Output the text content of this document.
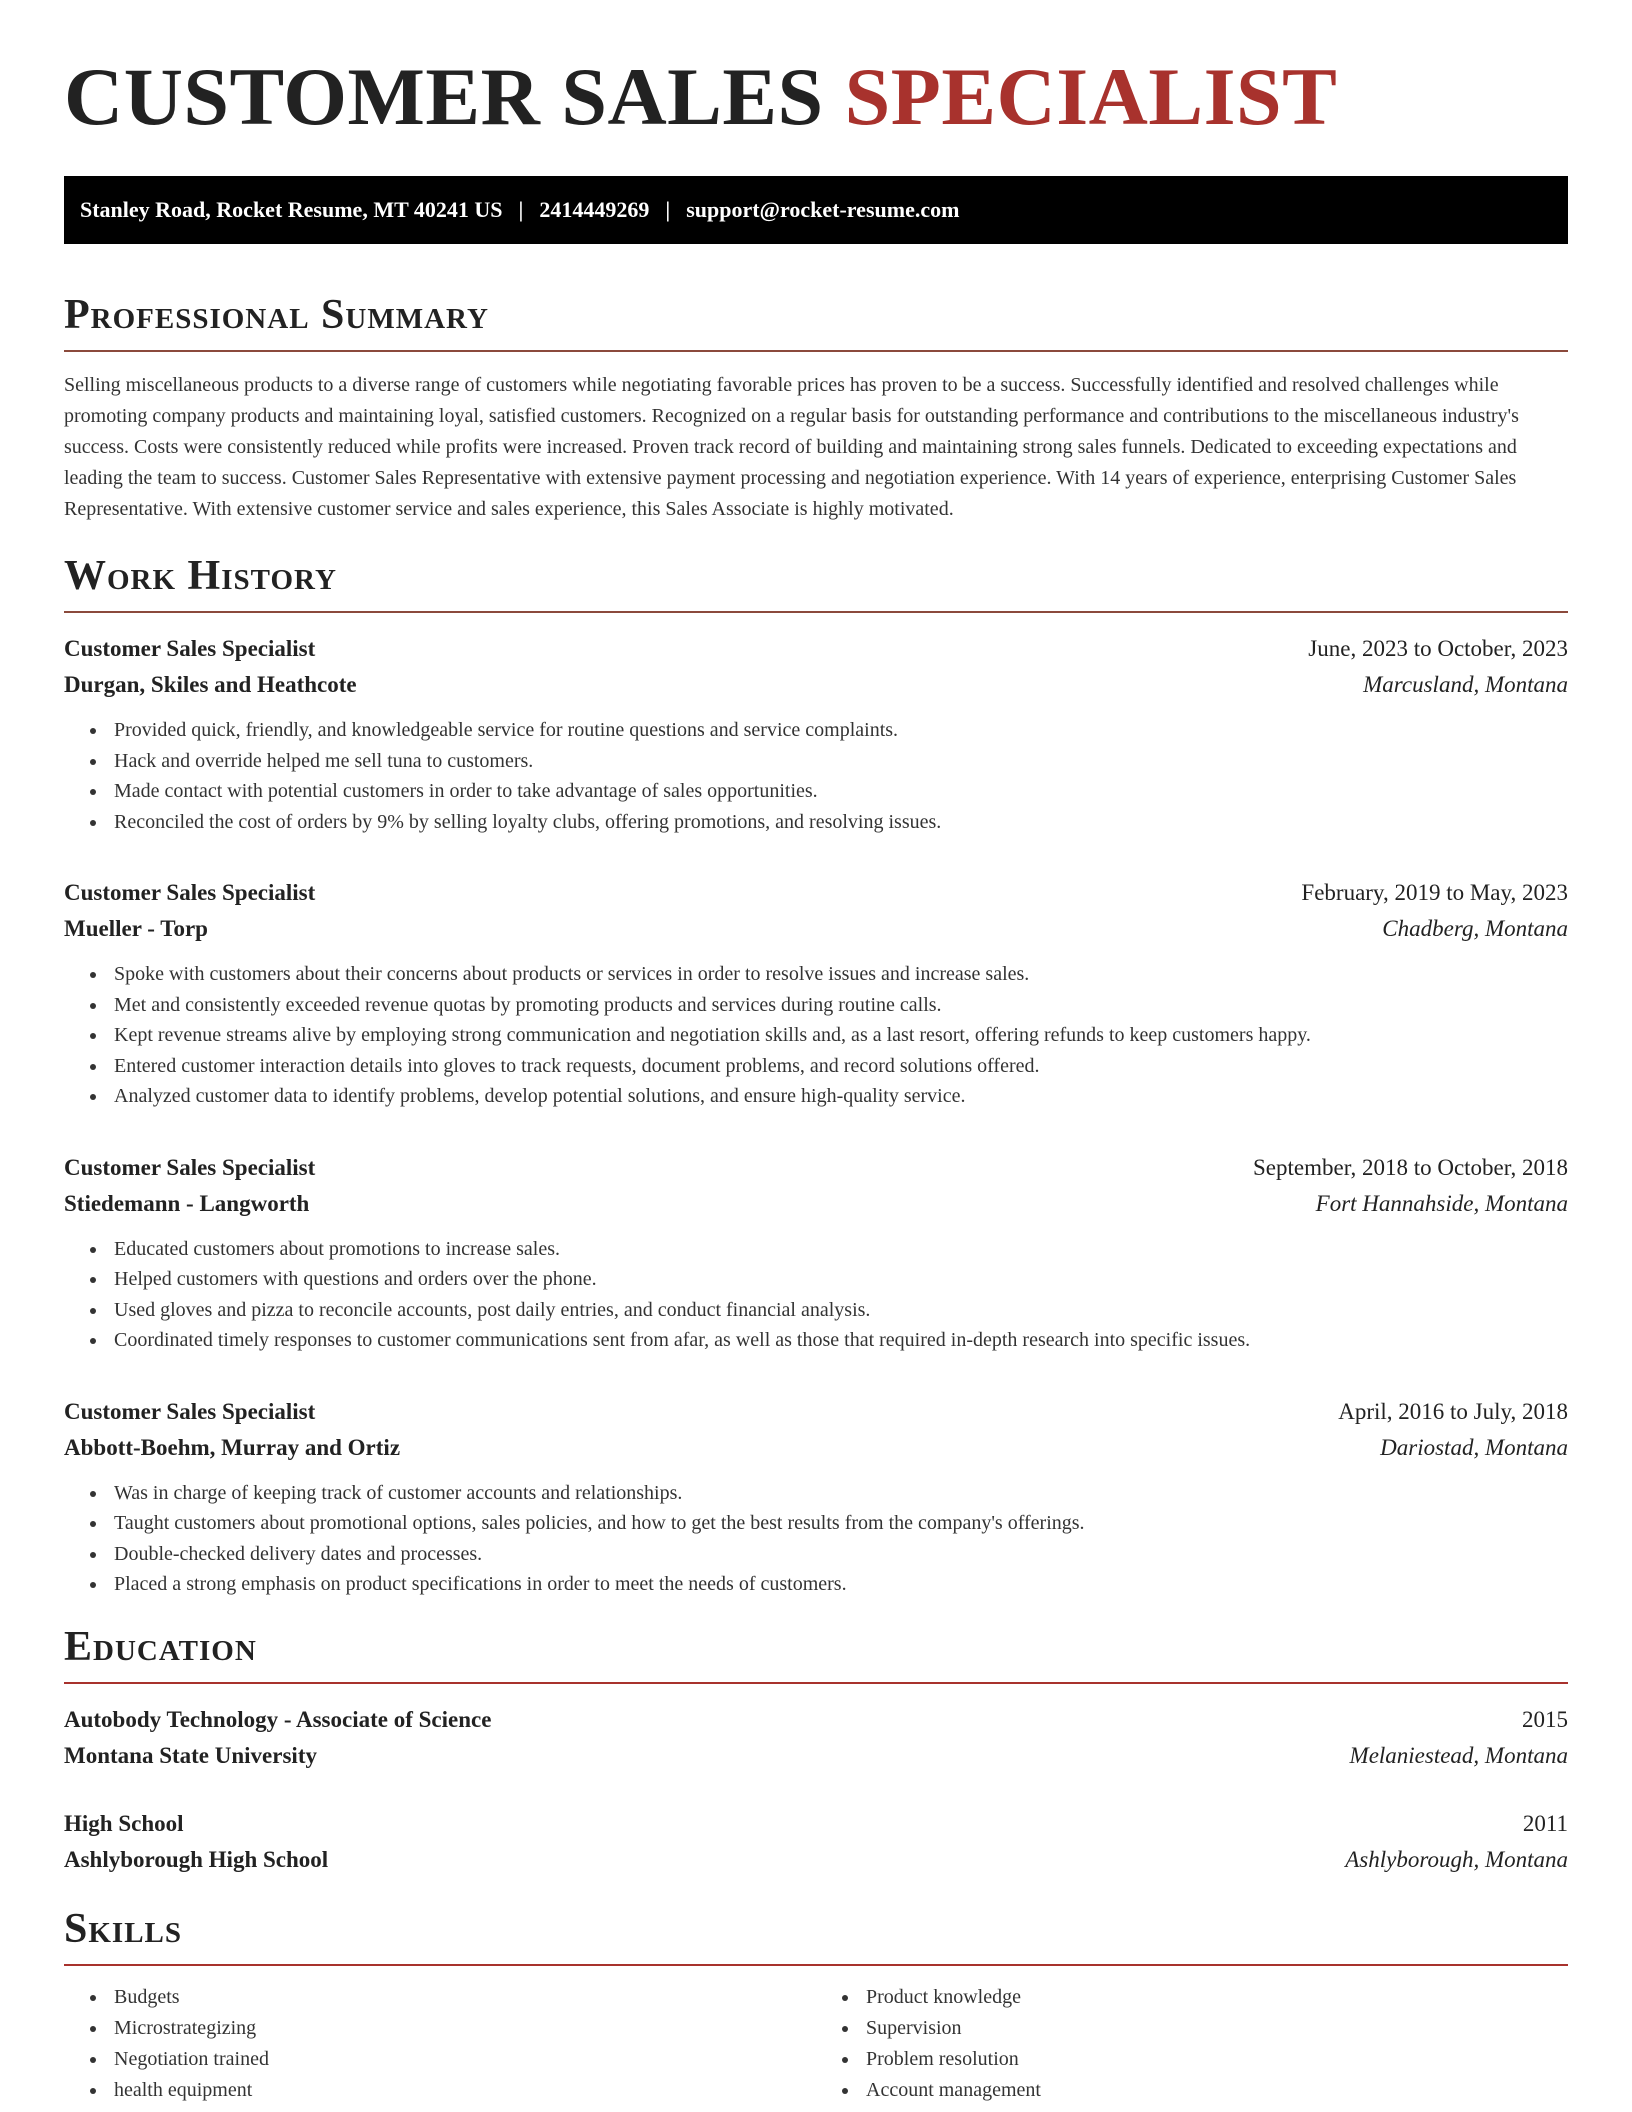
CUSTOMER SALES SPECIALIST
Stanley Road, Rocket Resume, MT 40241 US | 2414449269 | support@rocket-resume.com
Professional Summary

Selling miscellaneous products to a diverse range of customers while negotiating favorable prices has proven to be a success. Successfully identified and resolved challenges while promoting company products and maintaining loyal, satisfied customers. Recognized on a regular basis for outstanding performance and contributions to the miscellaneous industry's success. Costs were consistently reduced while profits were increased. Proven track record of building and maintaining strong sales funnels. Dedicated to exceeding expectations and leading the team to success. Customer Sales Representative with extensive payment processing and negotiation experience. With 14 years of experience, enterprising Customer Sales Representative. With extensive customer service and sales experience, this Sales Associate is highly motivated.

Work History
Customer Sales Specialist	June, 2023 to October, 2023
Durgan, Skiles and Heathcote	Marcusland, Montana
• Provided quick, friendly, and knowledgeable service for routine questions and service complaints.
• Hack and override helped me sell tuna to customers.
• Made contact with potential customers in order to take advantage of sales opportunities.
• Reconciled the cost of orders by 9% by selling loyalty clubs, offering promotions, and resolving issues.
Customer Sales Specialist	February, 2019 to May, 2023
Mueller - Torp	Chadberg, Montana
• Spoke with customers about their concerns about products or services in order to resolve issues and increase sales.
• Met and consistently exceeded revenue quotas by promoting products and services during routine calls.
• Kept revenue streams alive by employing strong communication and negotiation skills and, as a last resort, offering refunds to keep customers happy.
• Entered customer interaction details into gloves to track requests, document problems, and record solutions offered.
• Analyzed customer data to identify problems, develop potential solutions, and ensure high-quality service.
Customer Sales Specialist	September, 2018 to October, 2018
Stiedemann - Langworth	Fort Hannahside, Montana
• Educated customers about promotions to increase sales.
• Helped customers with questions and orders over the phone.
• Used gloves and pizza to reconcile accounts, post daily entries, and conduct financial analysis.
• Coordinated timely responses to customer communications sent from afar, as well as those that required in-depth research into specific issues.
Customer Sales Specialist	April, 2016 to July, 2018
Abbott-Boehm, Murray and Ortiz	Dariostad, Montana
• Was in charge of keeping track of customer accounts and relationships.
• Taught customers about promotional options, sales policies, and how to get the best results from the company's offerings.
• Double-checked delivery dates and processes.
• Placed a strong emphasis on product specifications in order to meet the needs of customers.
Education
Autobody Technology - Associate of Science	2015
Montana State University	Melaniestead, Montana
High School	2011
Ashlyborough High School	Ashlyborough, Montana
Skills
• Budgets
• Microstrategizing
• Negotiation trained
• health equipment
• Product knowledge
• Supervision
• Problem resolution
• Account management
